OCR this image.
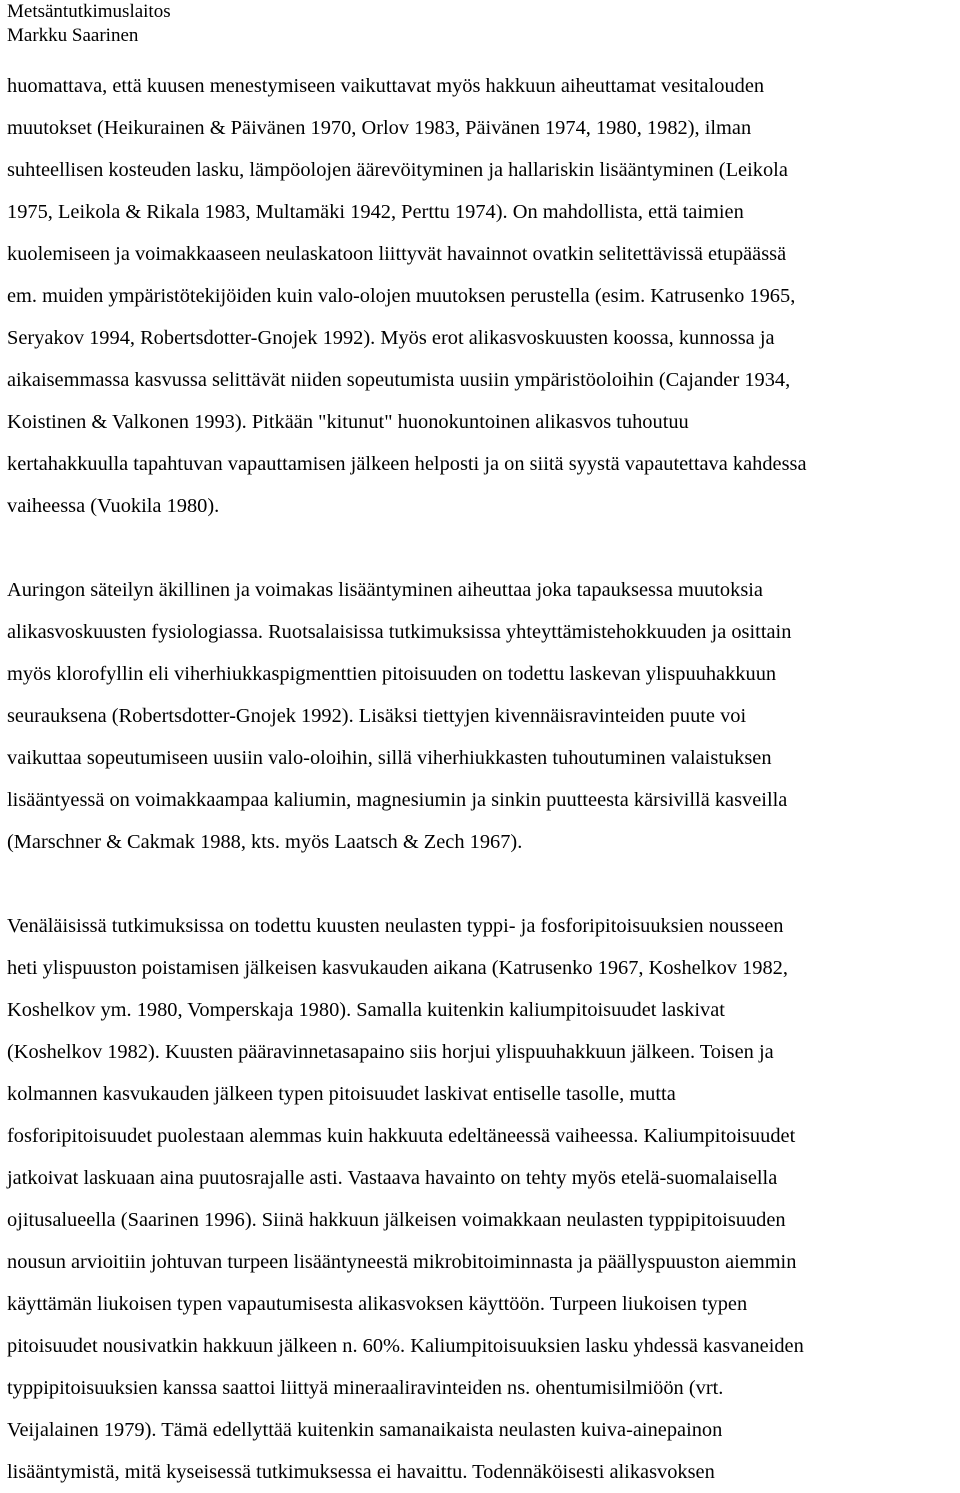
Metsäntutkimuslaitos
Markku Saarinen
huomattava, että kuusen menestymiseen vaikuttavat myös hakkuun aiheuttamat vesitalouden
muutokset (Heikurainen & Päivänen 1970, Orlov 1983, Päivänen 1974, 1980, 1982), ilman
suhteellisen kosteuden lasku, lämpöolojen äärevöityminen ja hallariskin lisääntyminen (Leikola
1975, Leikola & Rikala 1983, Multamäki 1942, Perttu 1974). On mahdollista, että taimien
kuolemiseen ja voimakkaaseen neulaskatoon liittyvät havainnot ovatkin selitettävissä etupäässä
em. muiden ympäristötekijöiden kuin valo-olojen muutoksen perustella (esim. Katrusenko 1965,
Seryakov 1994, Robertsdotter-Gnojek 1992). Myös erot alikasvoskuusten koossa, kunnossa ja
aikaisemmassa kasvussa selittävät niiden sopeutumista uusiin ympäristöoloihin (Cajander 1934,
Koistinen & Valkonen 1993). Pitkään "kitunut" huonokuntoinen alikasvos tuhoutuu
kertahakkuulla tapahtuvan vapauttamisen jälkeen helposti ja on siitä syystä vapautettava kahdessa
vaiheessa (Vuokila 1980).
Auringon säteilyn äkillinen ja voimakas lisääntyminen aiheuttaa joka tapauksessa muutoksia
alikasvoskuusten fysiologiassa. Ruotsalaisissa tutkimuksissa yhteyttämistehokkuuden ja osittain
myös klorofyllin eli viherhiukkaspigmenttien pitoisuuden on todettu laskevan ylispuuhakkuun
seurauksena (Robertsdotter-Gnojek 1992). Lisäksi tiettyjen kivennäisravinteiden puute voi
vaikuttaa sopeutumiseen uusiin valo-oloihin, sillä viherhiukkasten tuhoutuminen valaistuksen
lisääntyessä on voimakkaampaa kaliumin, magnesiumin ja sinkin puutteesta kärsivillä kasveilla
(Marschner & Cakmak 1988, kts. myös Laatsch & Zech 1967).
Venäläisissä tutkimuksissa on todettu kuusten neulasten typpi- ja fosforipitoisuuksien nousseen
heti ylispuuston poistamisen jälkeisen kasvukauden aikana (Katrusenko 1967, Koshelkov 1982,
Koshelkov ym. 1980, Vomperskaja 1980). Samalla kuitenkin kaliumpitoisuudet laskivat
(Koshelkov 1982). Kuusten pääravinnetasapaino siis horjui ylispuuhakkuun jälkeen. Toisen ja
kolmannen kasvukauden jälkeen typen pitoisuudet laskivat entiselle tasolle, mutta
fosforipitoisuudet puolestaan alemmas kuin hakkuuta edeltäneessä vaiheessa. Kaliumpitoisuudet
jatkoivat laskuaan aina puutosrajalle asti. Vastaava havainto on tehty myös etelä-suomalaisella
ojitusalueella (Saarinen 1996). Siinä hakkuun jälkeisen voimakkaan neulasten typpipitoisuuden
nousun arvioitiin johtuvan turpeen lisääntyneestä mikrobitoiminnasta ja päällyspuuston aiemmin
käyttämän liukoisen typen vapautumisesta alikasvoksen käyttöön. Turpeen liukoisen typen
pitoisuudet nousivatkin hakkuun jälkeen n. 60%. Kaliumpitoisuuksien lasku yhdessä kasvaneiden
typpipitoisuuksien kanssa saattoi liittyä mineraaliravinteiden ns. ohentumisilmiöön (vrt.
Veijalainen 1979). Tämä edellyttää kuitenkin samanaikaista neulasten kuiva-ainepainon
lisääntymistä, mitä kyseisessä tutkimuksessa ei havaittu. Todennäköisesti alikasvoksen
